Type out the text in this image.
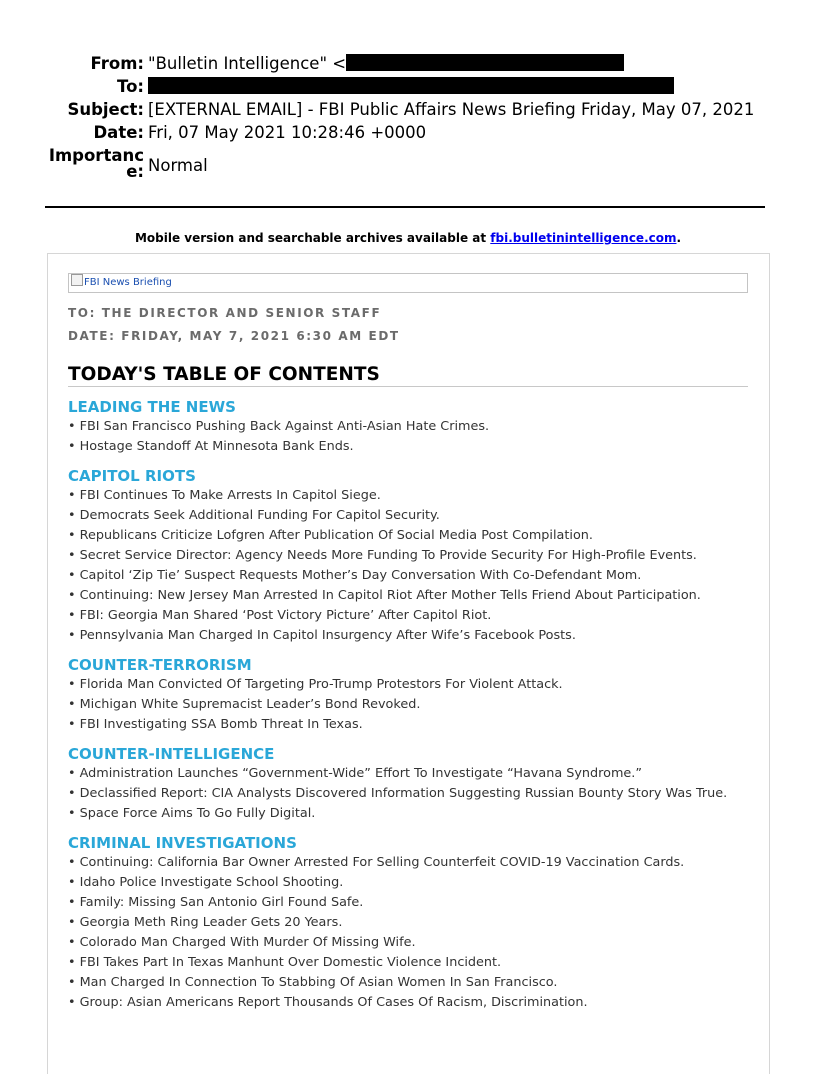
From: "Bulletin Intelligence" <
To:
Subject: [EXTERNAL EMAIL] - FBI Public Affairs News Briefing Friday, May 07, 2021
Date: Fri, 07 May 2021 10:28:46 +0000
Importanc
e: Normal
Mobile version and searchable archives available at fbi.bulletinintelligence.com.
FBI News Briefing
TO: THE DIRECTOR AND SENIOR STAFF
DATE: FRIDAY, MAY 7, 2021 6:30 AM EDT
TODAY'S TABLE OF CONTENTS
LEADING THE NEWS
• FBI San Francisco Pushing Back Against Anti-Asian Hate Crimes.
• Hostage Standoff At Minnesota Bank Ends.
CAPITOL RIOTS
• FBI Continues To Make Arrests In Capitol Siege.
• Democrats Seek Additional Funding For Capitol Security.
• Republicans Criticize Lofgren After Publication Of Social Media Post Compilation.
• Secret Service Director: Agency Needs More Funding To Provide Security For High-Profile Events.
• Capitol ‘Zip Tie’ Suspect Requests Mother’s Day Conversation With Co-Defendant Mom.
• Continuing: New Jersey Man Arrested In Capitol Riot After Mother Tells Friend About Participation.
• FBI: Georgia Man Shared ‘Post Victory Picture’ After Capitol Riot.
• Pennsylvania Man Charged In Capitol Insurgency After Wife’s Facebook Posts.
COUNTER-TERRORISM
• Florida Man Convicted Of Targeting Pro-Trump Protestors For Violent Attack.
• Michigan White Supremacist Leader’s Bond Revoked.
• FBI Investigating SSA Bomb Threat In Texas.
COUNTER-INTELLIGENCE
• Administration Launches “Government-Wide” Effort To Investigate “Havana Syndrome.”
• Declassified Report: CIA Analysts Discovered Information Suggesting Russian Bounty Story Was True.
• Space Force Aims To Go Fully Digital.
CRIMINAL INVESTIGATIONS
• Continuing: California Bar Owner Arrested For Selling Counterfeit COVID-19 Vaccination Cards.
• Idaho Police Investigate School Shooting.
• Family: Missing San Antonio Girl Found Safe.
• Georgia Meth Ring Leader Gets 20 Years.
• Colorado Man Charged With Murder Of Missing Wife.
• FBI Takes Part In Texas Manhunt Over Domestic Violence Incident.
• Man Charged In Connection To Stabbing Of Asian Women In San Francisco.
• Group: Asian Americans Report Thousands Of Cases Of Racism, Discrimination.
